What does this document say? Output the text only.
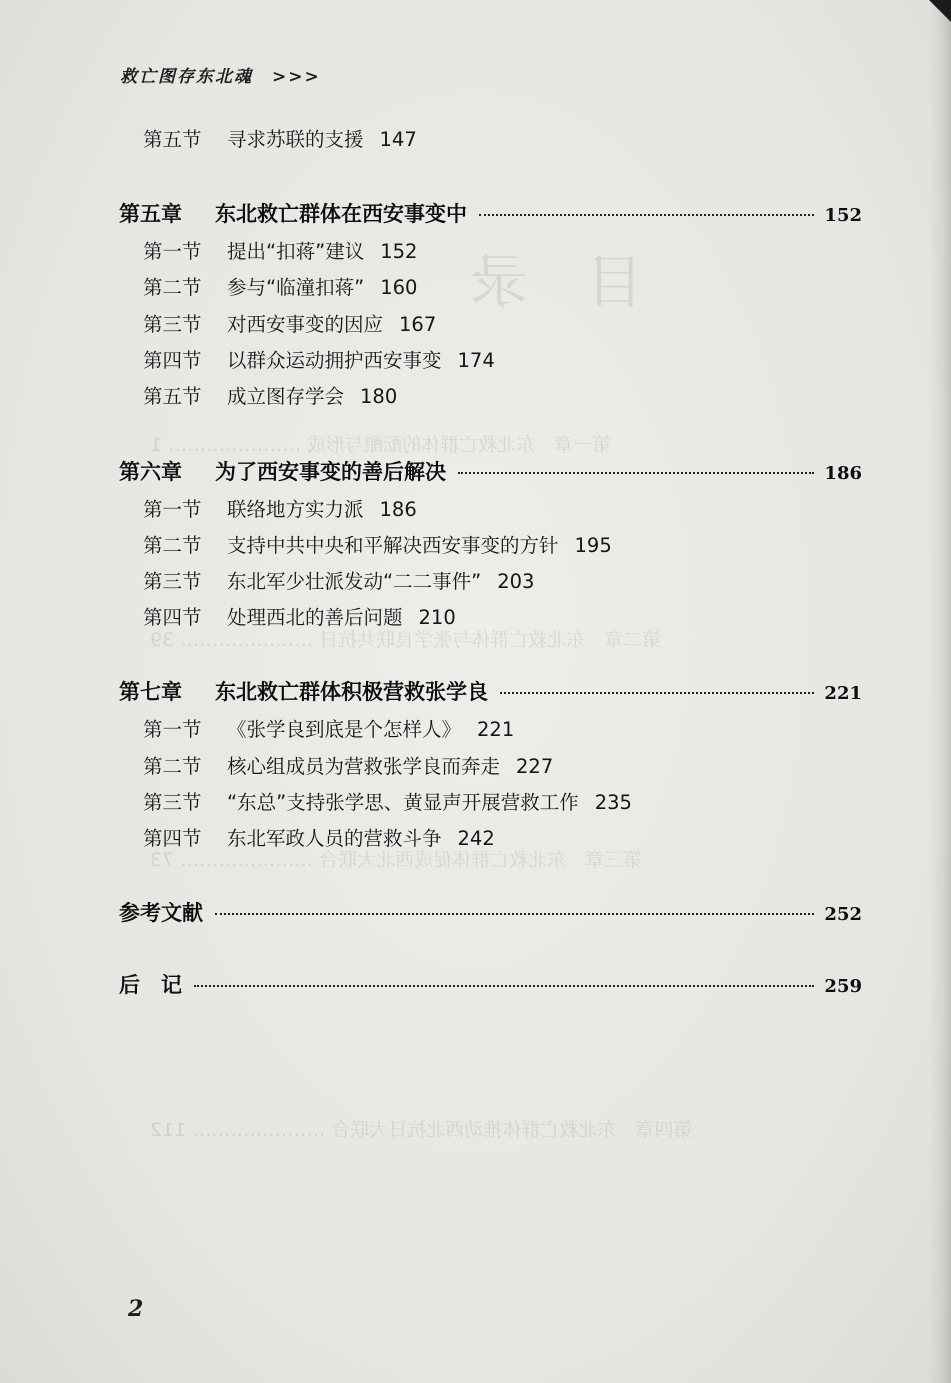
目　录
第一章　东北救亡群体的酝酿与形成 ………………… 1
第二章　东北救亡群体与张学良联共抗日 ………………… 39
第三章　东北救亡群体促成西北大联合 ………………… 73
第四章　东北救亡群体推动西北抗日大联合 ………………… 112
救亡图存东北魂　>>>
第五节 寻求苏联的支援 147
第五章	东北救亡群体在西安事变中	152
第一节 提出“扣蒋”建议 152
第二节 参与“临潼扣蒋” 160
第三节 对西安事变的因应 167
第四节 以群众运动拥护西安事变 174
第五节 成立图存学会 180
第六章	为了西安事变的善后解决	186
第一节 联络地方实力派 186
第二节 支持中共中央和平解决西安事变的方针 195
第三节 东北军少壮派发动“二二事件” 203
第四节 处理西北的善后问题 210
第七章	东北救亡群体积极营救张学良	221
第一节 《张学良到底是个怎样人》 221
第二节 核心组成员为营救张学良而奔走 227
第三节 “东总”支持张学思、黄显声开展营救工作 235
第四节 东北军政人员的营救斗争 242
参考文献	252
后　记	259
2
